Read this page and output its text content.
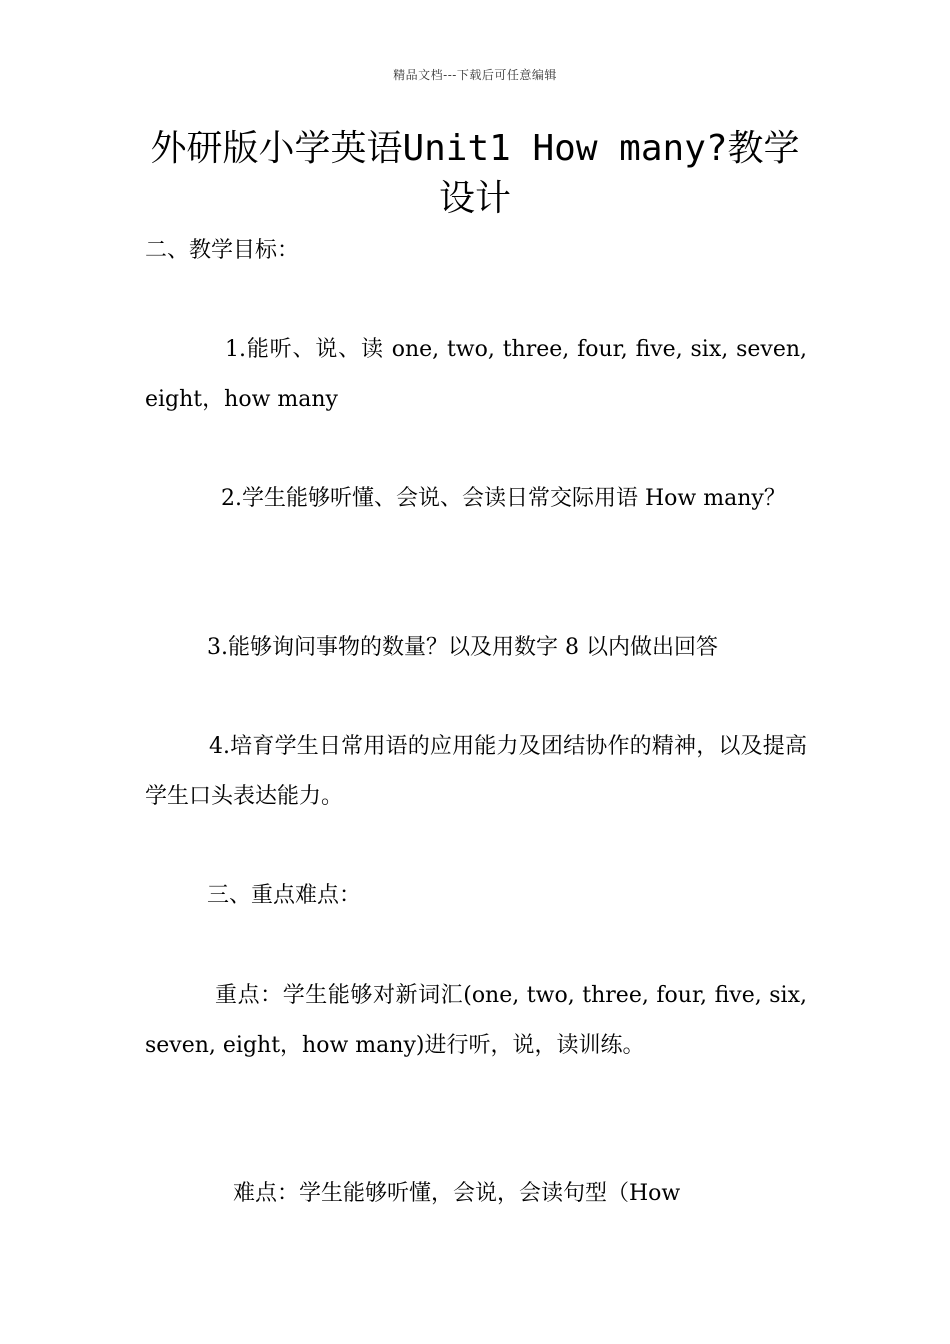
精品文档---下载后可任意编辑
外研版小学英语Unit1 How many?教学设计

二、教学目标：

1.能听、说、读 one, two, three, four, five, six, seven, eight，how many

2.学生能够听懂、会说、会读日常交际用语 How many？

3.能够询问事物的数量？以及用数字 8 以内做出回答

4.培育学生日常用语的应用能力及团结协作的精神，以及提高学生口头表达能力。

三、重点难点：

重点：学生能够对新词汇(one, two, three, four, five, six, seven, eight，how many)进行听，说，读训练。

难点：学生能够听懂，会说，会读句型（How
